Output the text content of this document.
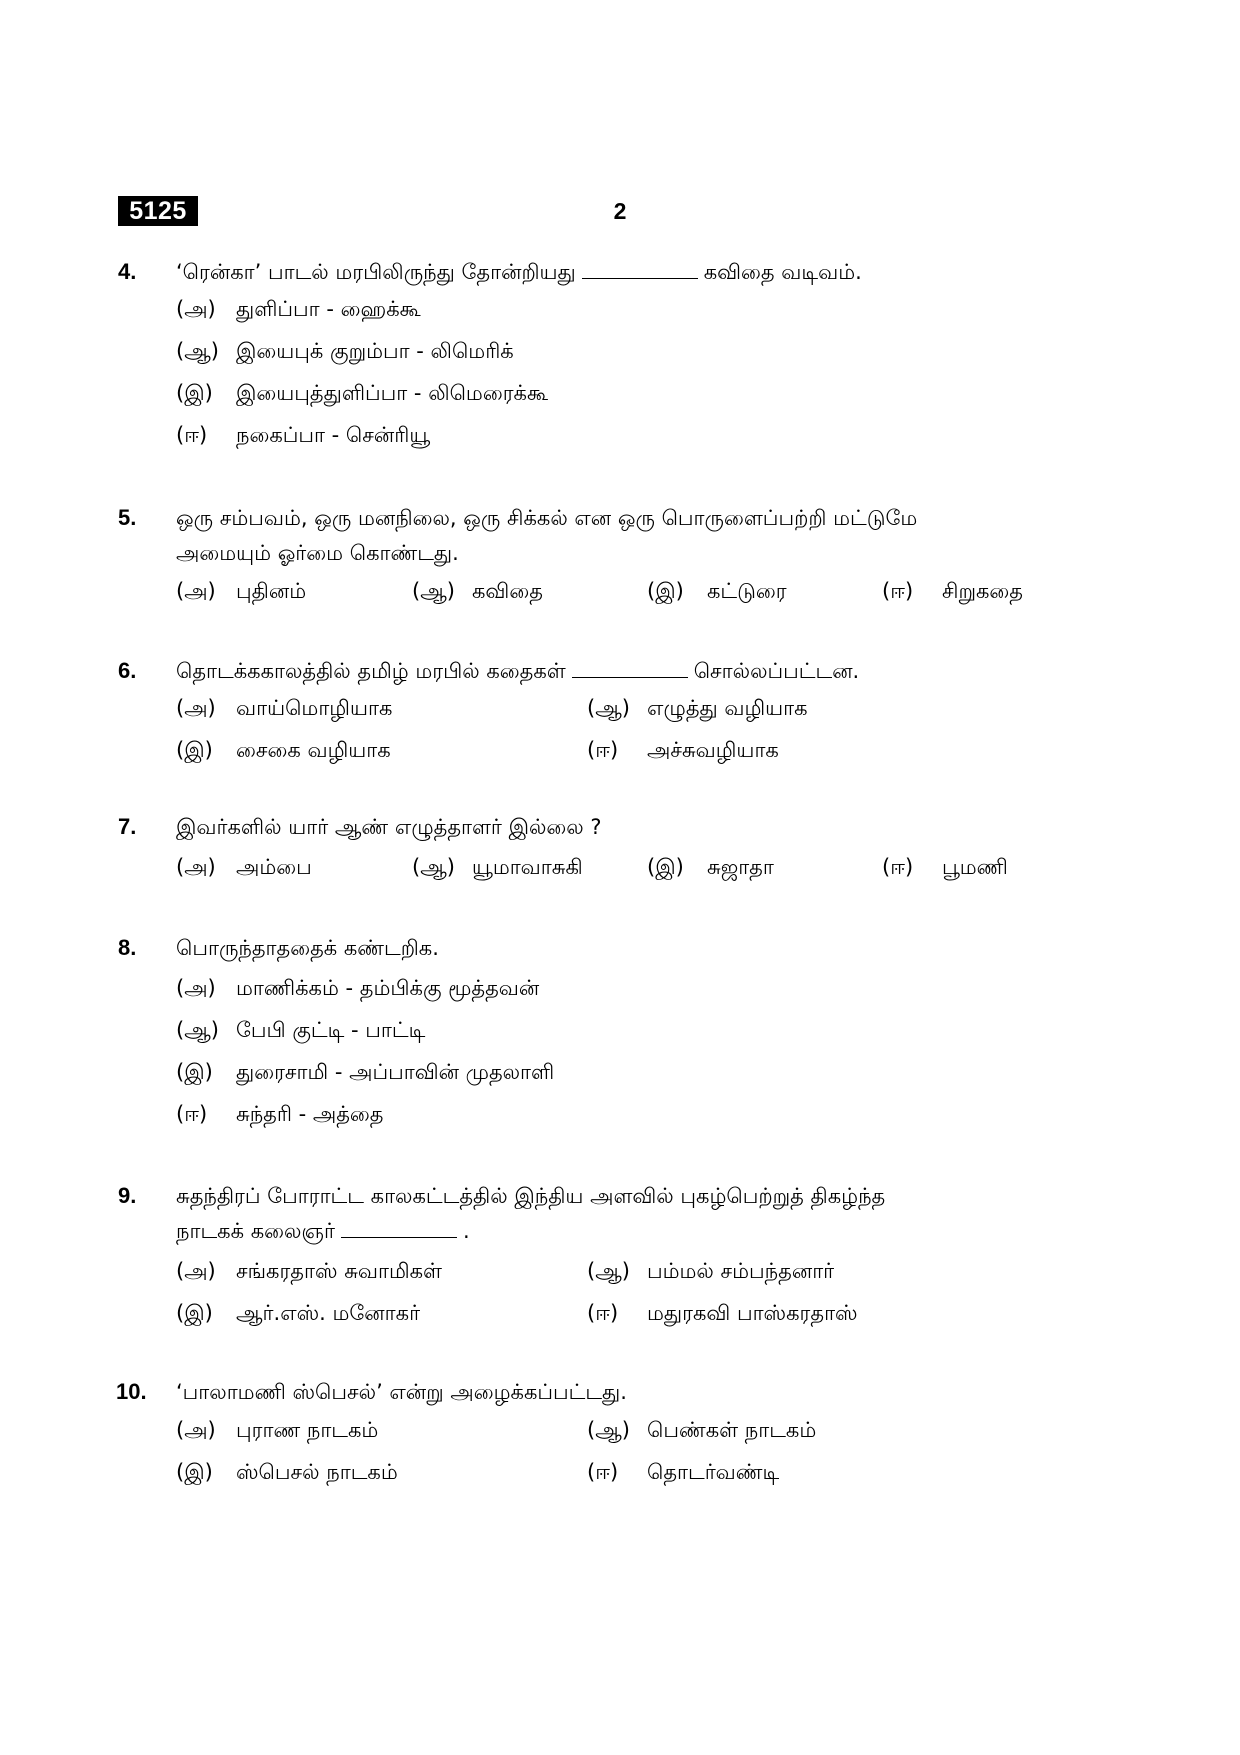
5125	2
4. ‘ரென்கா’ பாடல் மரபிலிருந்து தோன்றியது	கவிதை வடிவம்.
(அ) துளிப்பா - ஹைக்கூ
(ஆ) இயைபுக் குறும்பா - லிமெரிக்
(இ) இயைபுத்துளிப்பா - லிமெரைக்கூ
(ஈ) நகைப்பா - சென்ரியூ
5. ஒரு சம்பவம், ஒரு மனநிலை, ஒரு சிக்கல் என ஒரு பொருளைப்பற்றி மட்டுமே
அமையும் ஓர்மை கொண்டது.
(அ) புதினம்	(ஆ) கவிதை	(இ) கட்டுரை	(ஈ) சிறுகதை
6. தொடக்ககாலத்தில் தமிழ் மரபில் கதைகள்	சொல்லப்பட்டன.
(அ) வாய்மொழியாக	(ஆ) எழுத்து வழியாக
(இ) சைகை வழியாக	(ஈ) அச்சுவழியாக
7. இவர்களில் யார் ஆண் எழுத்தாளர் இல்லை ?
(அ) அம்பை	(ஆ) யூமாவாசுகி	(இ) சுஜாதா	(ஈ) பூமணி
8. பொருந்தாததைக் கண்டறிக.
(அ) மாணிக்கம் - தம்பிக்கு மூத்தவன்
(ஆ) பேபி குட்டி - பாட்டி
(இ) துரைசாமி - அப்பாவின் முதலாளி
(ஈ) சுந்தரி - அத்தை
9. சுதந்திரப் போராட்ட காலகட்டத்தில் இந்திய அளவில் புகழ்பெற்றுத் திகழ்ந்த
நாடகக் கலைஞர்	.
(அ) சங்கரதாஸ் சுவாமிகள்	(ஆ) பம்மல் சம்பந்தனார்
(இ) ஆர்.எஸ். மனோகர்	(ஈ) மதுரகவி பாஸ்கரதாஸ்
10. ‘பாலாமணி ஸ்பெசல்’ என்று அழைக்கப்பட்டது.
(அ) புராண நாடகம்	(ஆ) பெண்கள் நாடகம்
(இ) ஸ்பெசல் நாடகம்	(ஈ) தொடர்வண்டி
